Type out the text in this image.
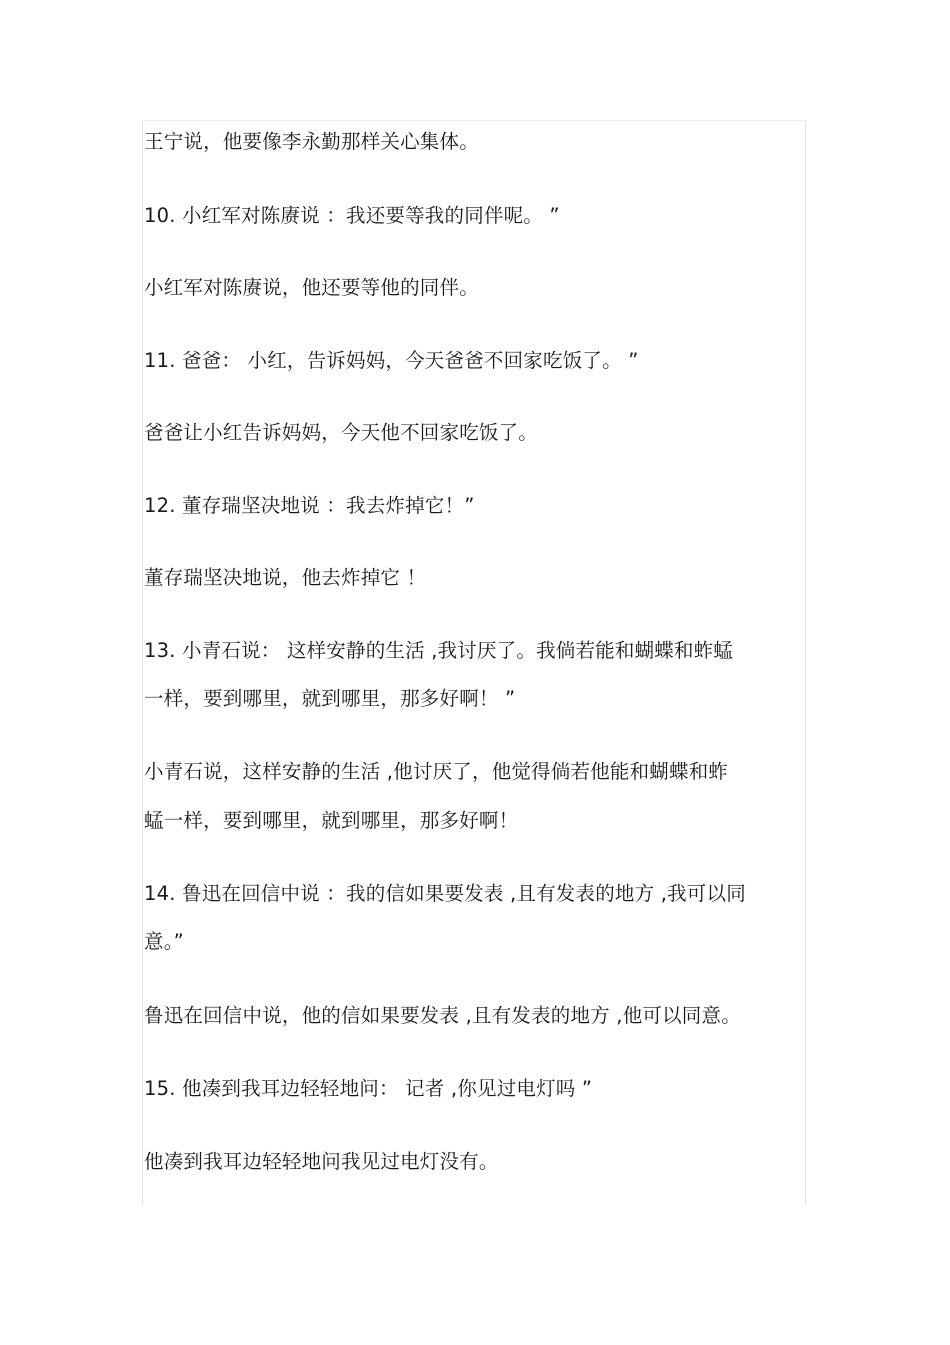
王宁说，他要像李永勤那样关心集体。
10. 小红军对陈赓说 ：我还要等我的同伴呢。 ”
小红军对陈赓说，他还要等他的同伴。
11. 爸爸： 小红，告诉妈妈，今天爸爸不回家吃饭了。 ”
爸爸让小红告诉妈妈，今天他不回家吃饭了。
12. 董存瑞坚决地说 ：我去炸掉它！”
董存瑞坚决地说，他去炸掉它 ！
13. 小青石说： 这样安静的生活 ,我讨厌了。我倘若能和蝴蝶和蚱蜢
一样，要到哪里，就到哪里，那多好啊！ ”
小青石说，这样安静的生活 ,他讨厌了，他觉得倘若他能和蝴蝶和蚱
蜢一样，要到哪里，就到哪里，那多好啊！
14. 鲁迅在回信中说 ：我的信如果要发表 ,且有发表的地方 ,我可以同
意。”
鲁迅在回信中说，他的信如果要发表 ,且有发表的地方 ,他可以同意。
15. 他凑到我耳边轻轻地问： 记者 ,你见过电灯吗 ”
他凑到我耳边轻轻地问我见过电灯没有。
